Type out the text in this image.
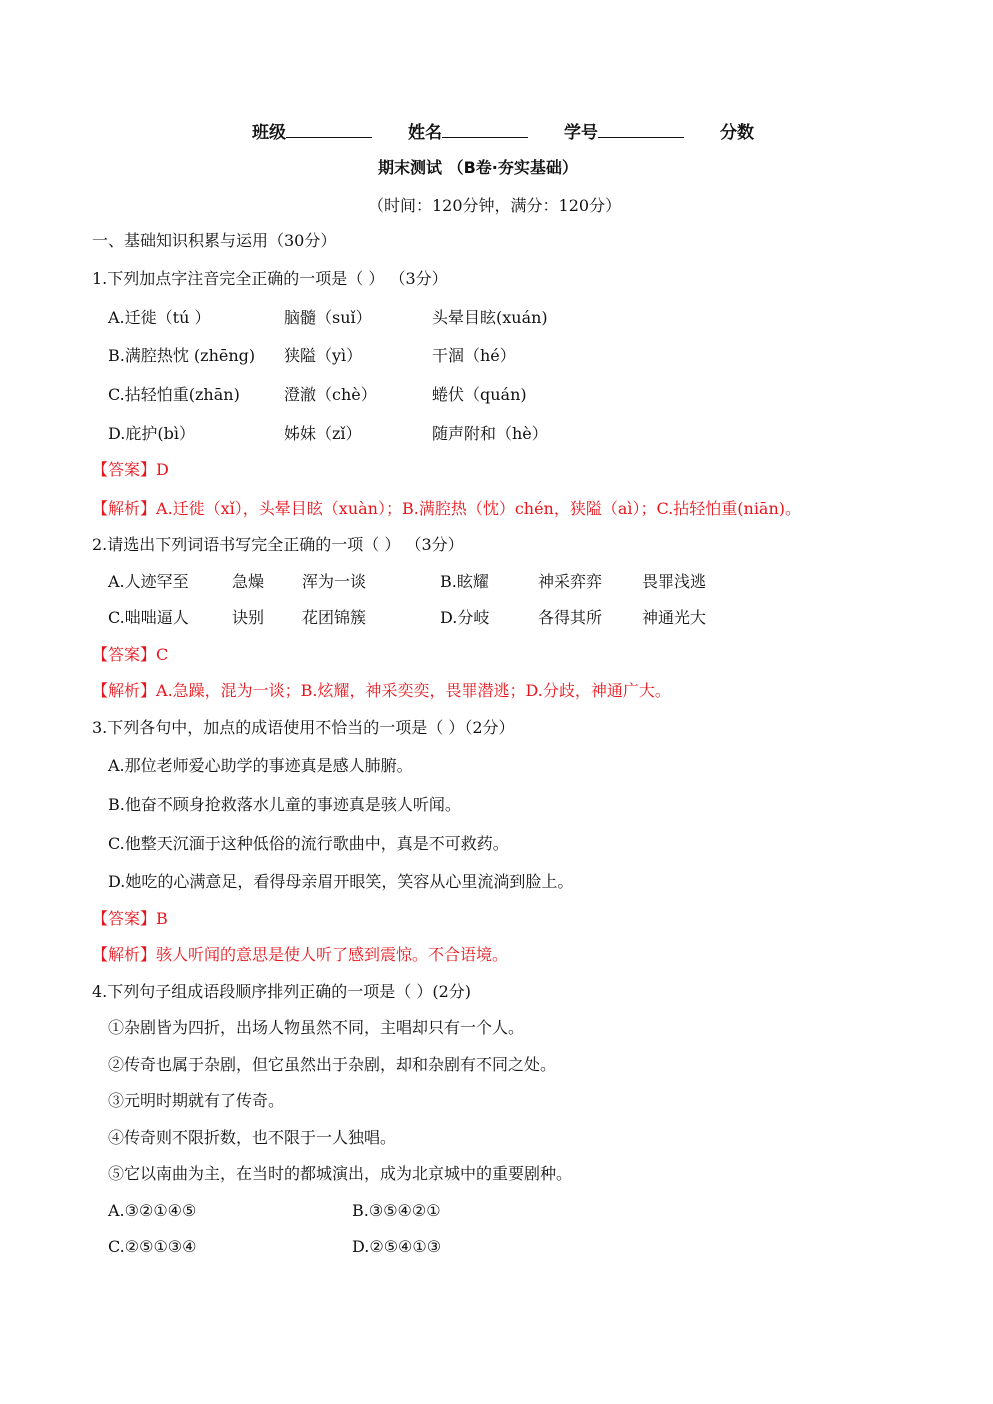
班级	姓名	学号	分数
期末测试 （B卷·夯实基础）
（时间：120分钟，满分：120分）
一、基础知识积累与运用（30分）
1.下列加点字注音完全正确的一项是（ ） （3分）
A.迁徙（tú ）	脑髓（suǐ）	头晕目眩(xuán)
B.满腔热忱 (zhēng) 狭隘（yì）	干涸（hé）
C.拈轻怕重(zhān)	澄澈（chè）	蜷伏（quán)
D.庇护(bì）	姊妹（zǐ）	随声附和（hè）
【答案】D
【解析】A.迁徙（xǐ），头晕目眩（xuàn）；B.满腔热（忱）chén，狭隘（aì）；C.拈轻怕重(niān)。
2.请选出下列词语书写完全正确的一项（ ） （3分）
A.人迹罕至	急燥 浑为一谈	B.眩耀	神采弈弈 畏罪浅逃
C.咄咄逼人	诀别 花团锦簇	D.分岐	各得其所 神通光大
【答案】C
【解析】A.急躁，混为一谈；B.炫耀，神采奕奕，畏罪潜逃；D.分歧，神通广大。
3.下列各句中，加点的成语使用不恰当的一项是（ ）（2分）
A.那位老师爱心助学的事迹真是感人肺腑。
B.他奋不顾身抢救落水儿童的事迹真是骇人听闻。
C.他整天沉湎于这种低俗的流行歌曲中，真是不可救药。
D.她吃的心满意足，看得母亲眉开眼笑，笑容从心里流淌到脸上。
【答案】B
【解析】骇人听闻的意思是使人听了感到震惊。不合语境。
4.下列句子组成语段顺序排列正确的一项是（ ）(2分)
①杂剧皆为四折，出场人物虽然不同，主唱却只有一个人。
②传奇也属于杂剧，但它虽然出于杂剧，却和杂剧有不同之处。
③元明时期就有了传奇。
④传奇则不限折数，也不限于一人独唱。
⑤它以南曲为主，在当时的都城演出，成为北京城中的重要剧种。
A.③②①④⑤	B.③⑤④②①
C.②⑤①③④	D.②⑤④①③
